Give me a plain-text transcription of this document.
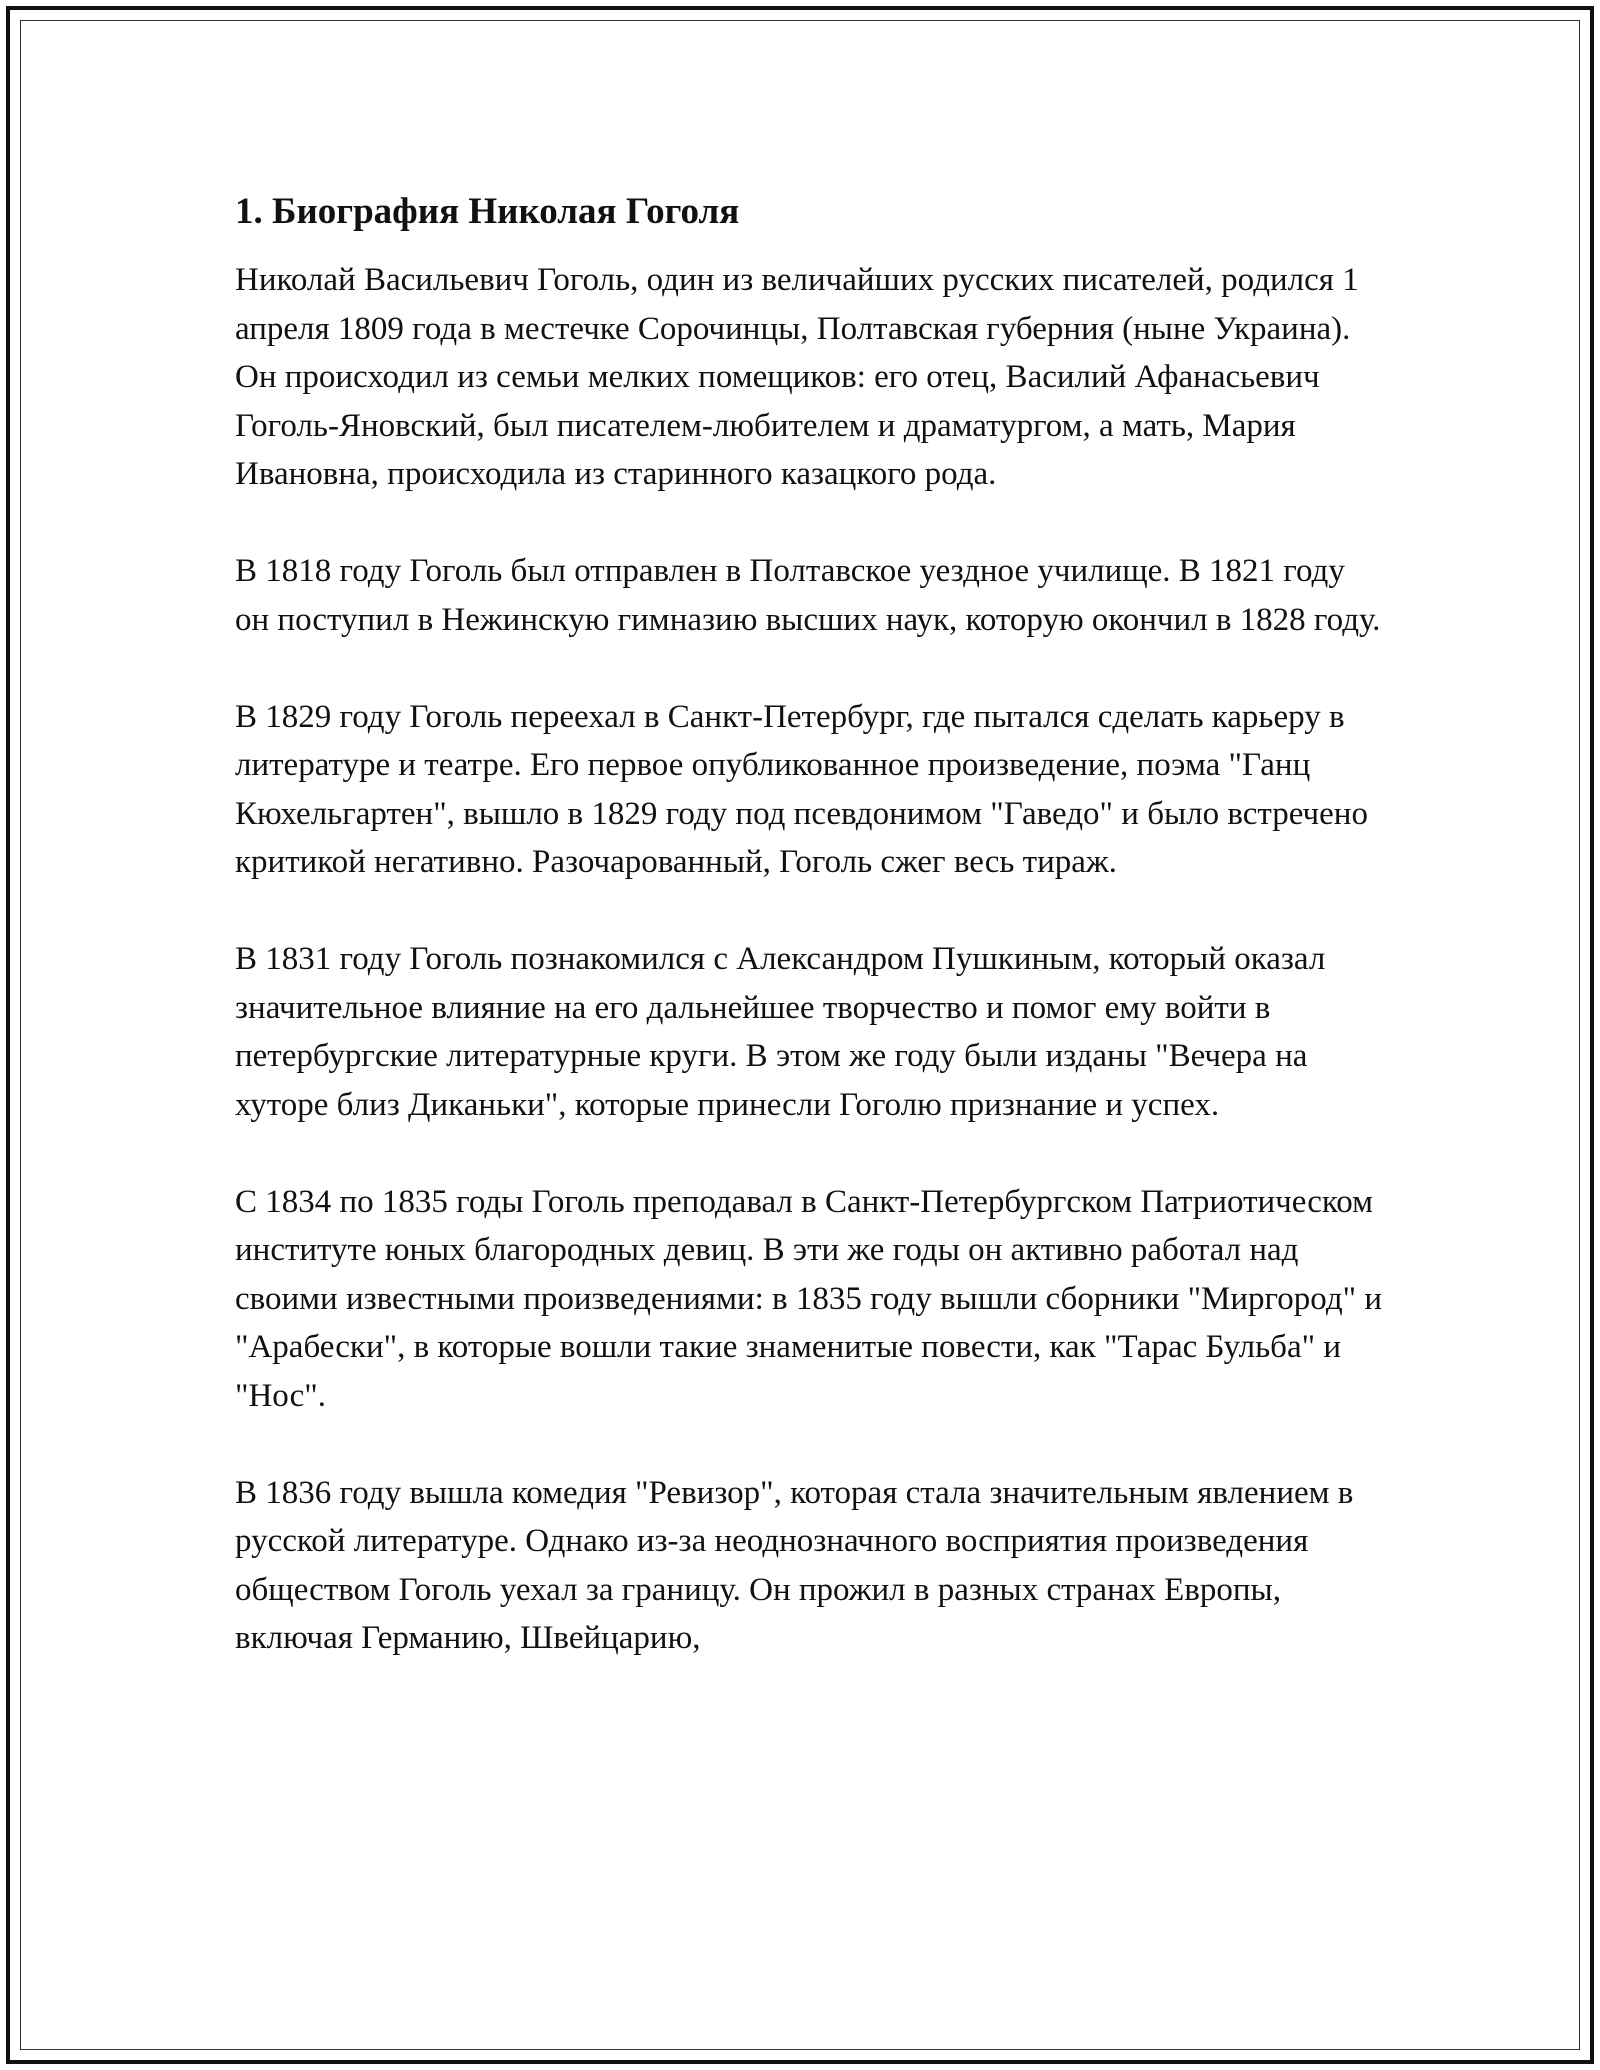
1. Биография Николая Гоголя

Николай Васильевич Гоголь, один из величайших русских писателей, родился 1 апреля 1809 года в местечке Сорочинцы, Полтавская губерния (ныне Украина). Он происходил из семьи мелких помещиков: его отец, Василий Афанасьевич Гоголь-Яновский, был писателем-любителем и драматургом, а мать, Мария Ивановна, происходила из старинного казацкого рода.

В 1818 году Гоголь был отправлен в Полтавское уездное училище. В 1821 году он поступил в Нежинскую гимназию высших наук, которую окончил в 1828 году.

В 1829 году Гоголь переехал в Санкт-Петербург, где пытался сделать карьеру в литературе и театре. Его первое опубликованное произведение, поэма "Ганц Кюхельгартен", вышло в 1829 году под псевдонимом "Гаведо" и было встречено критикой негативно. Разочарованный, Гоголь сжег весь тираж.

В 1831 году Гоголь познакомился с Александром Пушкиным, который оказал значительное влияние на его дальнейшее творчество и помог ему войти в петербургские литературные круги. В этом же году были изданы "Вечера на хуторе близ Диканьки", которые принесли Гоголю признание и успех.

С 1834 по 1835 годы Гоголь преподавал в Санкт-Петербургском Патриотическом институте юных благородных девиц. В эти же годы он активно работал над своими известными произведениями: в 1835 году вышли сборники "Миргород" и "Арабески", в которые вошли такие знаменитые повести, как "Тарас Бульба" и "Нос".

В 1836 году вышла комедия "Ревизор", которая стала значительным явлением в русской литературе. Однако из-за неоднозначного восприятия произведения обществом Гоголь уехал за границу. Он прожил в разных странах Европы, включая Германию, Швейцарию,
